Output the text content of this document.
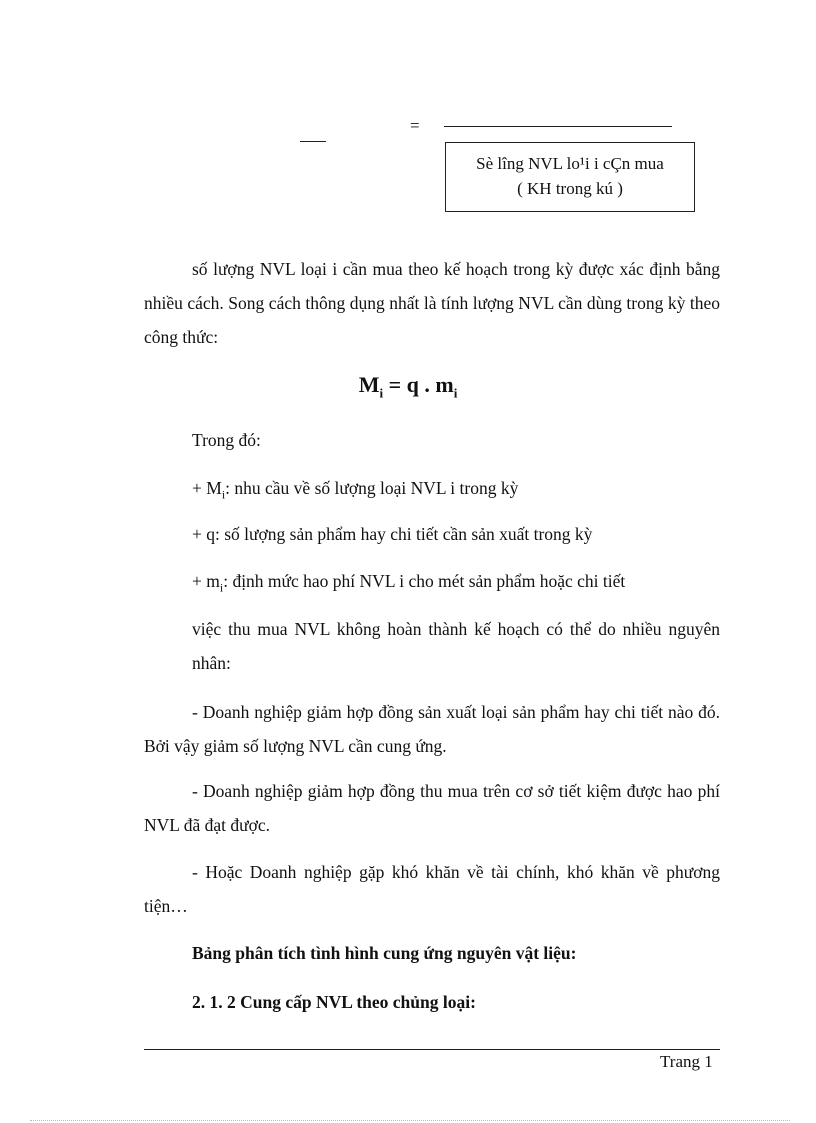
=
Sè lîng NVL lo¹i i cÇn mua
( KH trong kú )
số lượng NVL loại i cần mua theo kế hoạch trong kỳ được xác định bằng nhiều cách. Song cách thông dụng nhất là tính lượng NVL cần dùng trong kỳ theo công thức:
$M_i = q$ . $m_i$
Trong đó:
+ $M_i$: nhu cầu về số lượng loại NVL i trong kỳ
+ q: số lượng sản phẩm hay chi tiết cần sản xuất trong kỳ
+ $m_i$: định mức hao phí NVL i cho mét sản phẩm hoặc chi tiết
việc thu mua NVL không hoàn thành kế hoạch có thể do nhiều nguyên nhân:
- Doanh nghiệp giảm hợp đồng sản xuất loại sản phẩm hay chi tiết nào đó. Bởi vậy giảm số lượng NVL cần cung ứng.
- Doanh nghiệp giảm hợp đồng thu mua trên cơ sở tiết kiệm được hao phí NVL đã đạt được.
- Hoặc Doanh nghiệp gặp khó khăn về tài chính, khó khăn về phương tiện…
Bảng phân tích tình hình cung ứng nguyên vật liệu:
2. 1. 2 Cung cấp NVL theo chủng loại:
Trang 1
